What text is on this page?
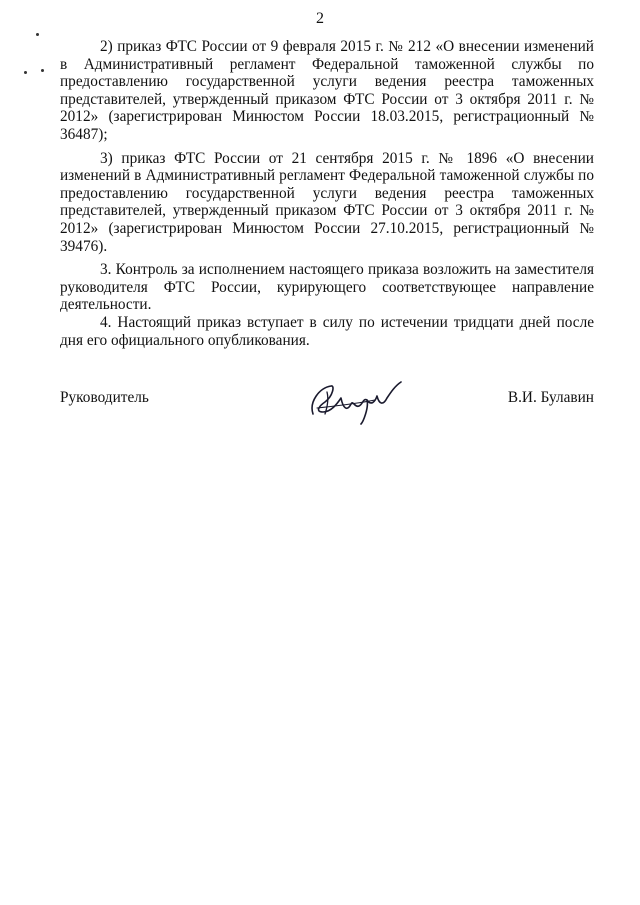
2

2) приказ ФТС России от 9 февраля 2015 г. № 212 «О внесении изменений в Административный регламент Федеральной таможенной службы по предоставлению государственной услуги ведения реестра таможенных представителей, утвержденный приказом ФТС России от 3 октября 2011 г. № 2012» (зарегистрирован Минюстом России 18.03.2015, регистрационный № 36487);

3) приказ ФТС России от 21 сентября 2015 г. № 1896 «О внесении изменений в Административный регламент Федеральной таможенной службы по предоставлению государственной услуги ведения реестра таможенных представителей, утвержденный приказом ФТС России от 3 октября 2011 г. № 2012» (зарегистрирован Минюстом России 27.10.2015, регистрационный № 39476).

3. Контроль за исполнением настоящего приказа возложить на заместителя руководителя ФТС России, курирующего соответствующее направление деятельности.

4. Настоящий приказ вступает в силу по истечении тридцати дней после дня его официального опубликования.

Руководитель	В.И. Булавин
